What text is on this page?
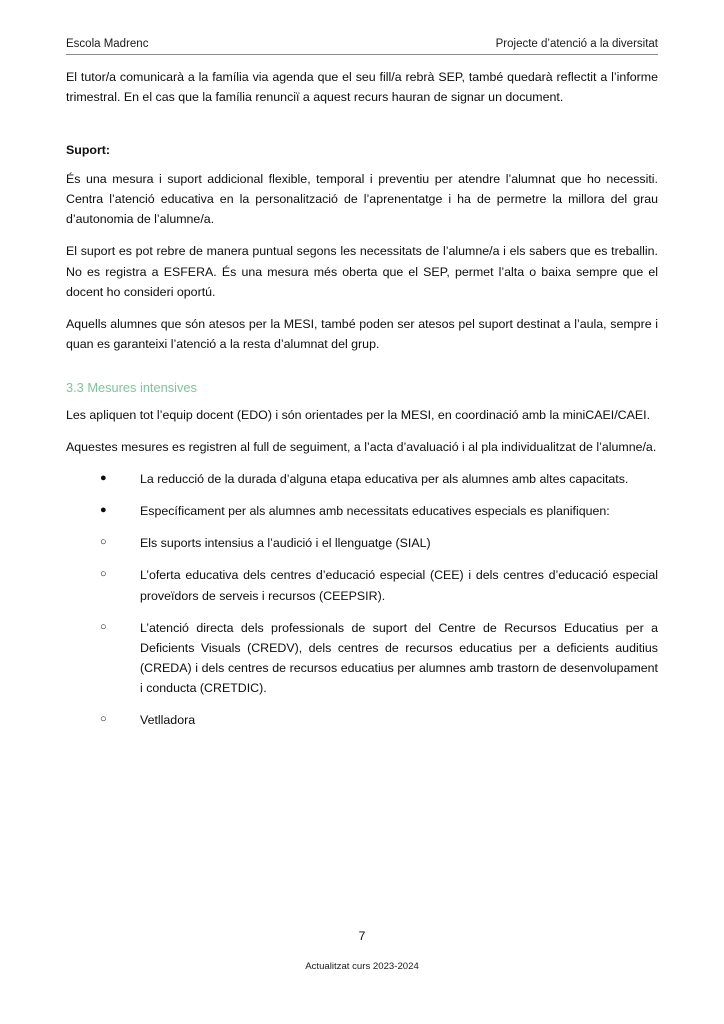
Escola Madrenc	Projecte d’atenció a la diversitat

El tutor/a comunicarà a la família via agenda que el seu fill/a rebrà SEP, també quedarà reflectit a l’informe trimestral. En el cas que la família renunciï a aquest recurs hauran de signar un document.

Suport:

És una mesura i suport addicional flexible, temporal i preventiu per atendre l’alumnat que ho necessiti. Centra l’atenció educativa en la personalització de l’aprenentatge i ha de permetre la millora del grau d’autonomia de l’alumne/a.

El suport es pot rebre de manera puntual segons les necessitats de l’alumne/a i els sabers que es treballin. No es registra a ESFERA. És una mesura més oberta que el SEP, permet l’alta o baixa sempre que el docent ho consideri oportú.

Aquells alumnes que són atesos per la MESI, també poden ser atesos pel suport destinat a l’aula, sempre i quan es garanteixi l’atenció a la resta d’alumnat del grup.

3.3 Mesures intensives

Les apliquen tot l’equip docent (EDO) i són orientades per la MESI, en coordinació amb la miniCAEI/CAEI.

Aquestes mesures es registren al full de seguiment, a l’acta d’avaluació i al pla individualitzat de l’alumne/a.

●	La reducció de la durada d’alguna etapa educativa per als alumnes amb altes capacitats.
●	Específicament per als alumnes amb necessitats educatives especials es planifiquen:
○	Els suports intensius a l’audició i el llenguatge (SIAL)
○	L’oferta educativa dels centres d’educació especial (CEE) i dels centres d’educació especial proveïdors de serveis i recursos (CEEPSIR).
○	L’atenció directa dels professionals de suport del Centre de Recursos Educatius per a Deficients Visuals (CREDV), dels centres de recursos educatius per a deficients auditius (CREDA) i dels centres de recursos educatius per alumnes amb trastorn de desenvolupament i conducta (CRETDIC).
○	Vetlladora
7
Actualitzat curs 2023-2024
